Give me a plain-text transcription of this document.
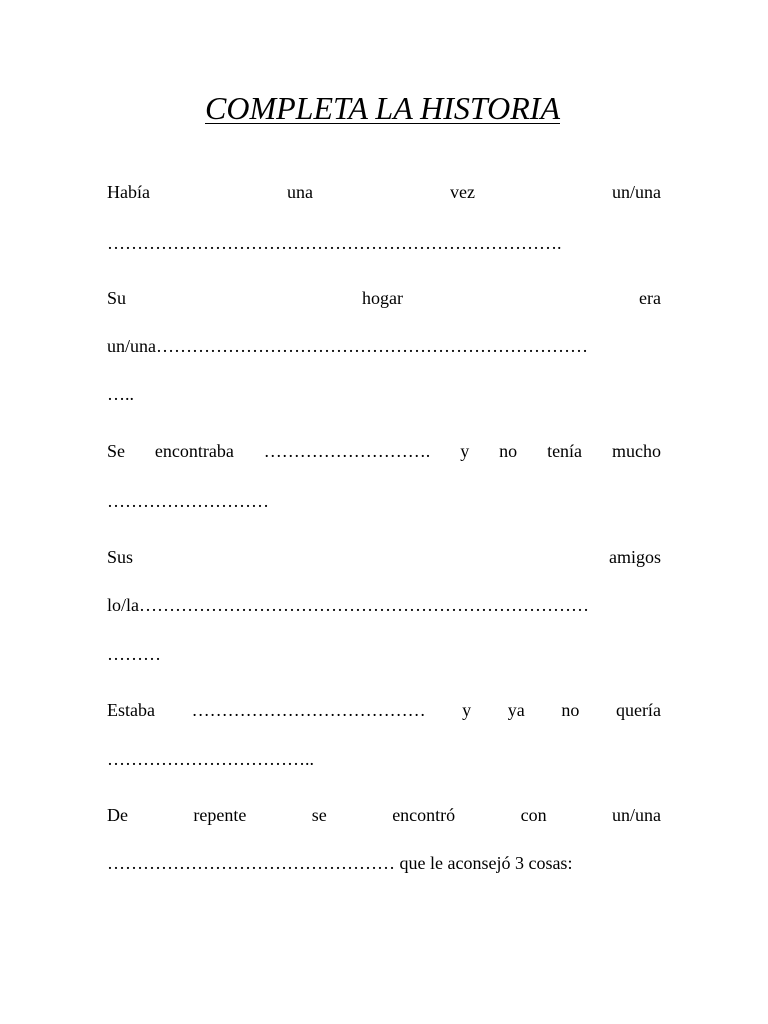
COMPLETA LA HISTORIA
Había	una	vez	un/una
………………………………………………………………….
Su	hogar	era
un/una………………………………………………………………
…..
Se encontraba ………………………. y no tenía mucho
………………………
Sus	amigos
lo/la…………………………………………………………………
………
Estaba ………………………………… y ya no quería
……………………………..
De	repente	se	encontró	con	un/una
………………………………………… que le aconsejó 3 cosas:
